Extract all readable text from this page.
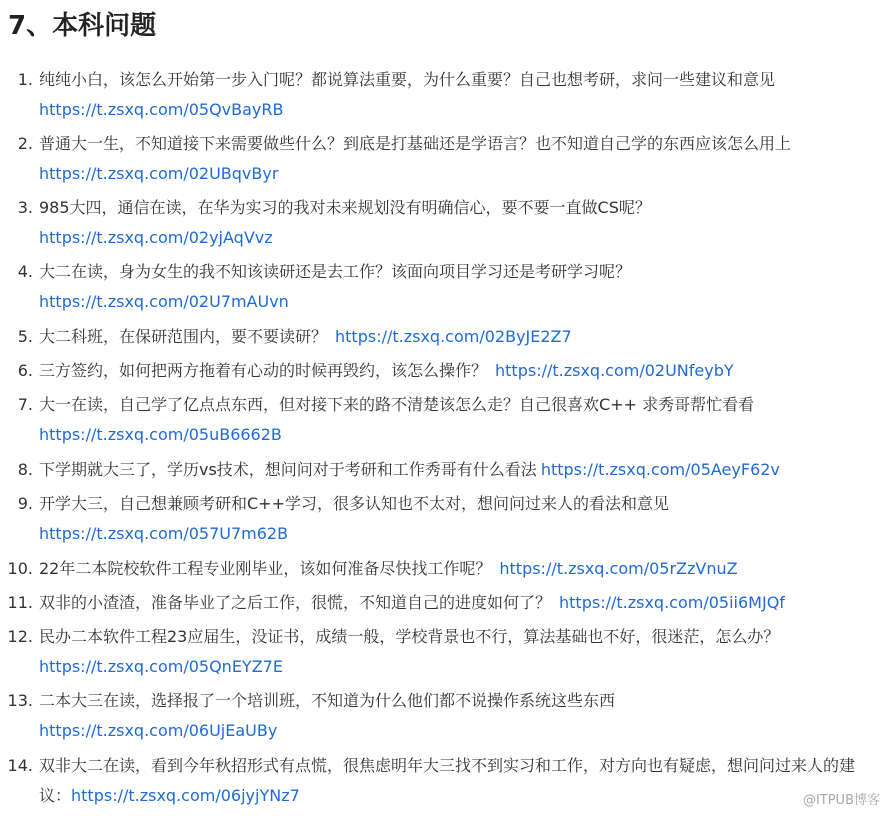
7、本科问题
1. 纯纯小白，该怎么开始第一步入门呢？都说算法重要，为什么重要？自己也想考研，求问一些建议和意见
https://t.zsxq.com/05QvBayRB
2. 普通大一生，不知道接下来需要做些什么？到底是打基础还是学语言？也不知道自己学的东西应该怎么用上
https://t.zsxq.com/02UBqvByr
3. 985大四，通信在读，在华为实习的我对未来规划没有明确信心，要不要一直做CS呢？
https://t.zsxq.com/02yjAqVvz
4. 大二在读，身为女生的我不知该读研还是去工作？该面向项目学习还是考研学习呢？
https://t.zsxq.com/02U7mAUvn
5. 大二科班，在保研范围内，要不要读研？ https://t.zsxq.com/02ByJE2Z7
6. 三方签约，如何把两方拖着有心动的时候再毁约，该怎么操作？ https://t.zsxq.com/02UNfeybY
7. 大一在读，自己学了亿点点东西，但对接下来的路不清楚该怎么走？自己很喜欢C++ 求秀哥帮忙看看
https://t.zsxq.com/05uB6662B
8. 下学期就大三了，学历vs技术，想问问对于考研和工作秀哥有什么看法 https://t.zsxq.com/05AeyF62v
9. 开学大三，自己想兼顾考研和C++学习，很多认知也不太对，想问问过来人的看法和意见
https://t.zsxq.com/057U7m62B
10. 22年二本院校软件工程专业刚毕业，该如何准备尽快找工作呢？ https://t.zsxq.com/05rZzVnuZ
11. 双非的小渣渣，准备毕业了之后工作，很慌，不知道自己的进度如何了？ https://t.zsxq.com/05ii6MJQf
12. 民办二本软件工程23应届生，没证书，成绩一般，学校背景也不行，算法基础也不好，很迷茫，怎么办？
https://t.zsxq.com/05QnEYZ7E
13. 二本大三在读，选择报了一个培训班，不知道为什么他们都不说操作系统这些东西
https://t.zsxq.com/06UjEaUBy
14. 双非大二在读，看到今年秋招形式有点慌，很焦虑明年大三找不到实习和工作，对方向也有疑虑，想问问过来人的建议：https://t.zsxq.com/06jyjYNz7	@ITPUB博客
